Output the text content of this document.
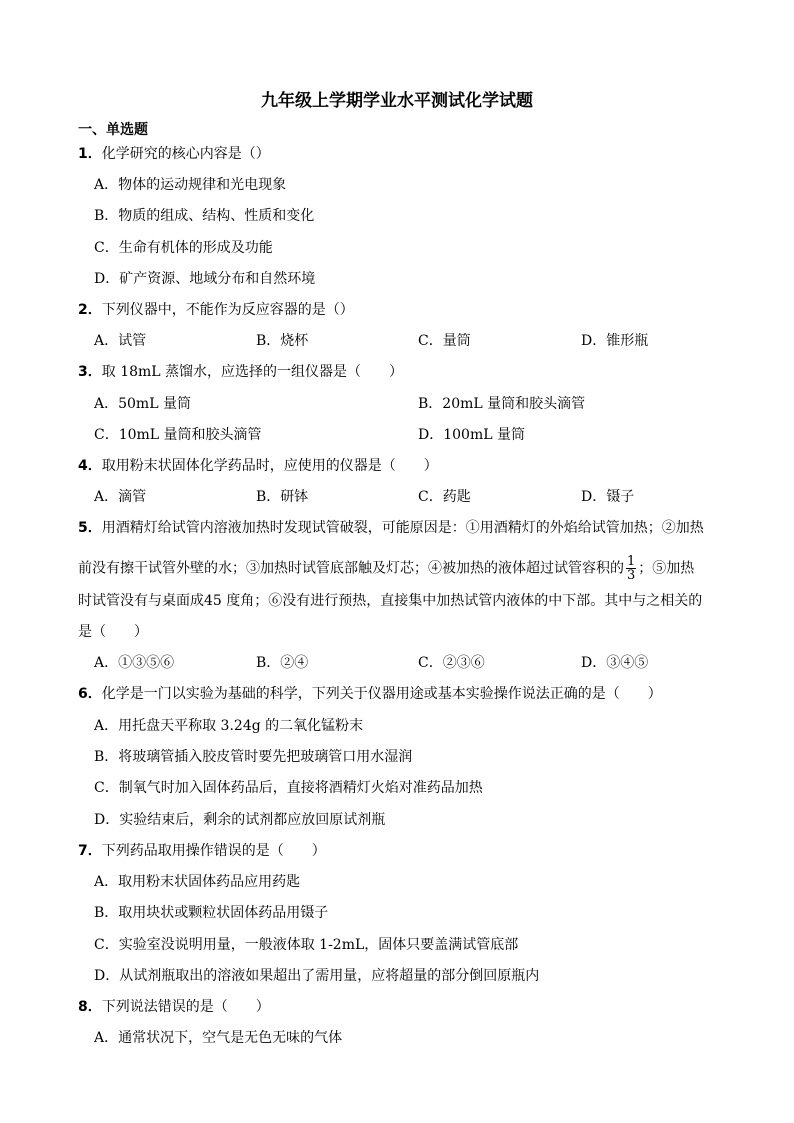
九年级上学期学业水平测试化学试题
一、单选题
1．化学研究的核心内容是（）
A．物体的运动规律和光电现象
B．物质的组成、结构、性质和变化
C．生命有机体的形成及功能
D．矿产资源、地域分布和自然环境
2．下列仪器中，不能作为反应容器的是（）
A．试管	B．烧杯	C．量筒	D．锥形瓶
3．取 18mL 蒸馏水，应选择的一组仪器是（　　）
A．50mL 量筒	B．20mL 量筒和胶头滴管
C．10mL 量筒和胶头滴管	D．100mL 量筒
4．取用粉末状固体化学药品时，应使用的仪器是（　　）
A．滴管	B．研钵	C．药匙	D．镊子
5．用酒精灯给试管内溶液加热时发现试管破裂，可能原因是：①用酒精灯的外焰给试管加热；②加热
前没有擦干试管外壁的水；③加热时试管底部触及灯芯；④被加热的液体超过试管容积的 $\frac{1}{3}$ ；⑤加热
时试管没有与桌面成45 度角；⑥没有进行预热，直接集中加热试管内液体的中下部。其中与之相关的
是（　　）
A．①③⑤⑥	B．②④	C．②③⑥	D．③④⑤
6．化学是一门以实验为基础的科学，下列关于仪器用途或基本实验操作说法正确的是（　　）
A．用托盘天平称取 3.24g 的二氧化锰粉末
B．将玻璃管插入胶皮管时要先把玻璃管口用水湿润
C．制氧气时加入固体药品后，直接将酒精灯火焰对准药品加热
D．实验结束后，剩余的试剂都应放回原试剂瓶
7．下列药品取用操作错误的是（　　）
A．取用粉末状固体药品应用药匙
B．取用块状或颗粒状固体药品用镊子
C．实验室没说明用量，一般液体取 1-2mL，固体只要盖满试管底部
D．从试剂瓶取出的溶液如果超出了需用量，应将超量的部分倒回原瓶内
8．下列说法错误的是（　　）
A．通常状况下，空气是无色无味的气体
